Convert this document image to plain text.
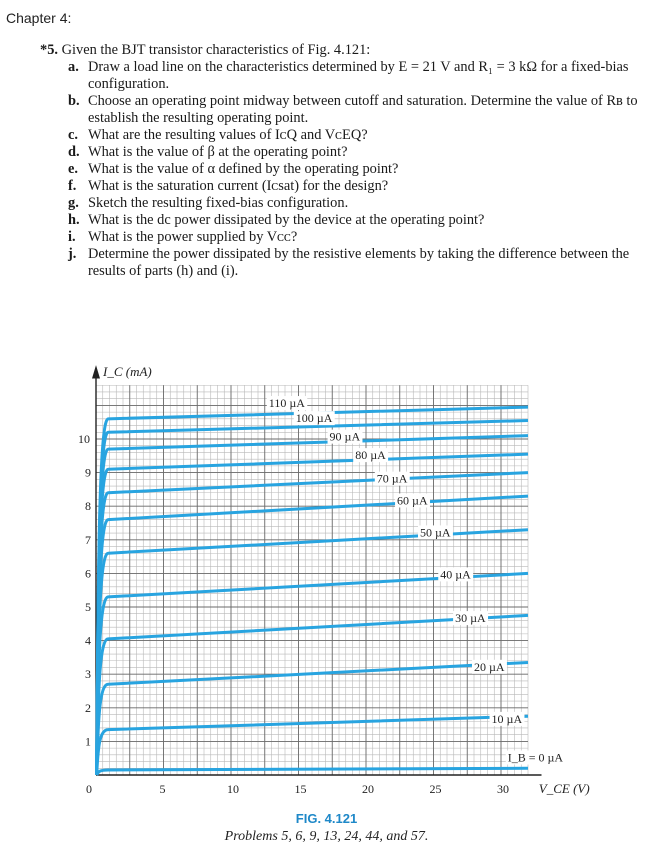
Chapter 4:
*5. Given the BJT transistor characteristics of Fig. 4.121:
a. Draw a load line on the characteristics determined by E = 21 V and R₁ = 3 kΩ for a fixed-bias configuration.
b. Choose an operating point midway between cutoff and saturation. Determine the value of Rʙ to establish the resulting operating point.
c. What are the resulting values of IᴄQ and VᴄEQ?
d. What is the value of β at the operating point?
e. What is the value of α defined by the operating point?
f. What is the saturation current (Iᴄsat) for the design?
g. Sketch the resulting fixed-bias configuration.
h. What is the dc power dissipated by the device at the operating point?
i. What is the power supplied by Vᴄᴄ?
j. Determine the power dissipated by the resistive elements by taking the difference between the results of parts (h) and (i).
I_C (mA)
V_CE (V)
0	5	10	15	20	25	30
1
2
3
4
5
6
7
8
9
10
110 µA
100 µA
90 µA
80 µA
70 µA
60 µA
50 µA
40 µA
30 µA
20 µA
10 µA
I_B = 0 µA
FIG. 4.121
Problems 5, 6, 9, 13, 24, 44, and 57.
